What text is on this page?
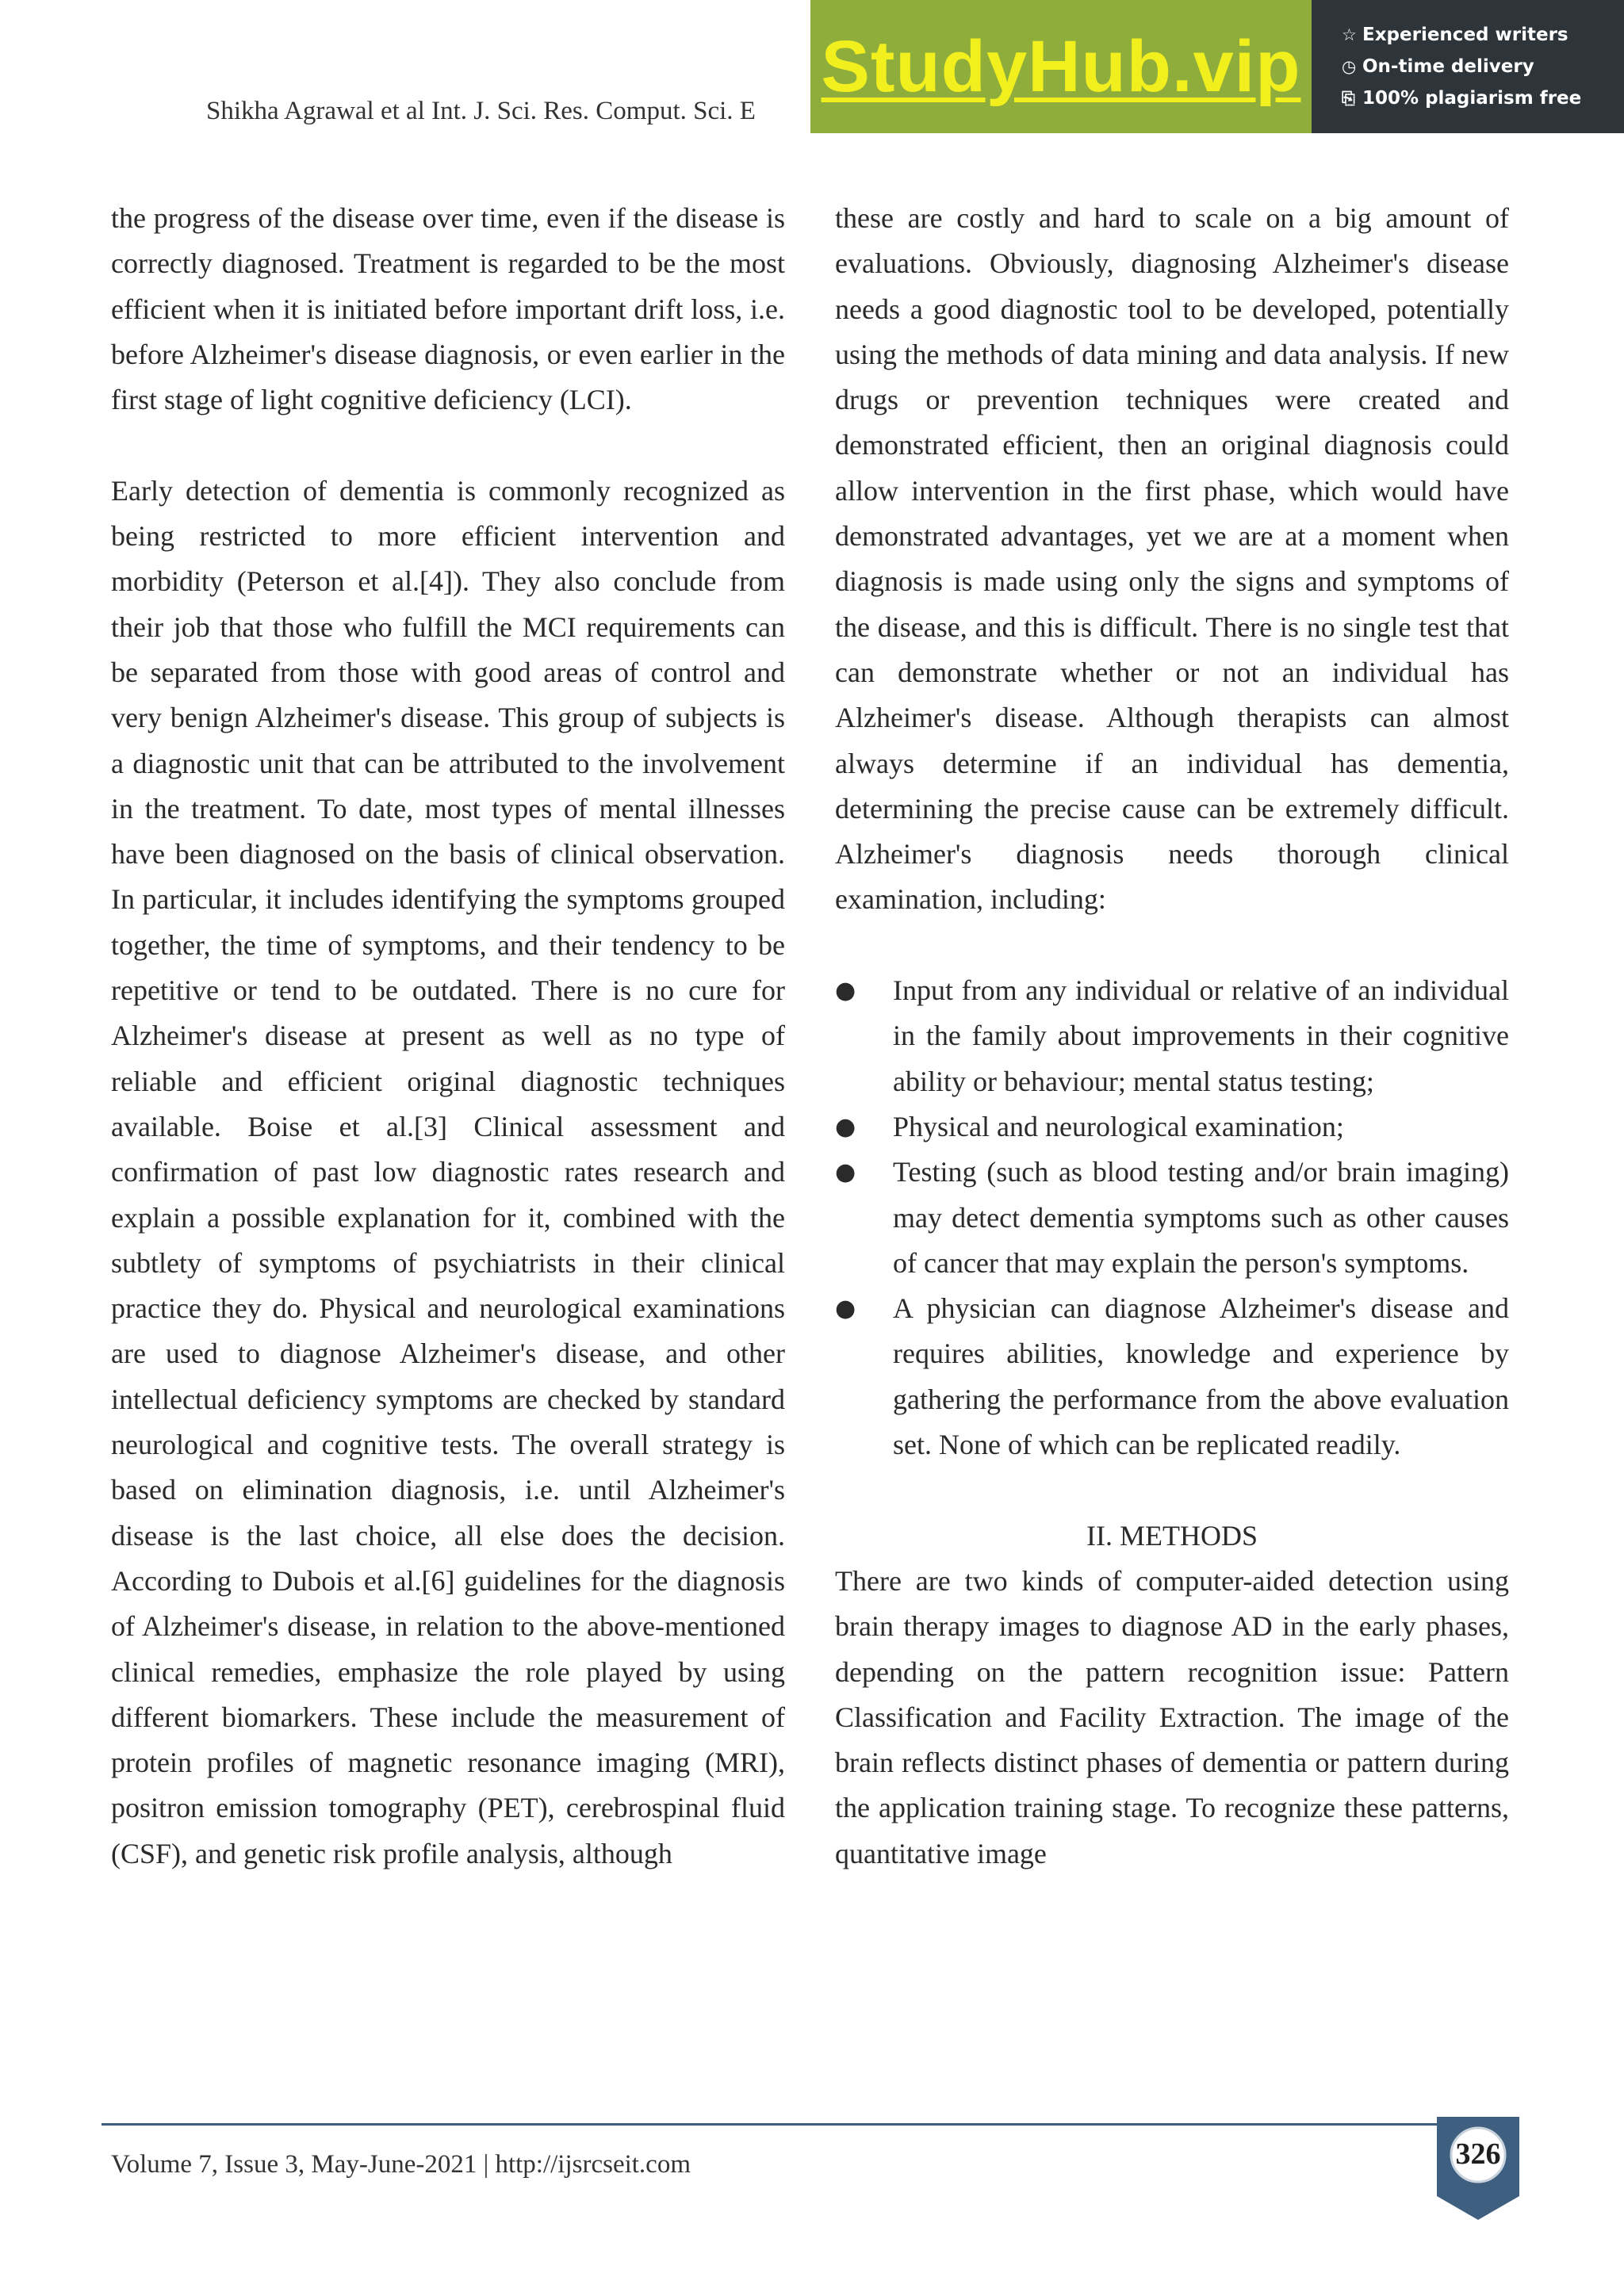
Shikha Agrawal et al Int. J. Sci. Res. Comput. Sci. E
StudyHub.vip ☆ Experienced writers
◷ On-time delivery
⎘ 100% plagiarism free

the progress of the disease over time, even if the disease is correctly diagnosed. Treatment is regarded to be the most efficient when it is initiated before important drift loss, i.e. before Alzheimer's disease diagnosis, or even earlier in the first stage of light cognitive deficiency (LCI).

Early detection of dementia is commonly recognized as being restricted to more efficient intervention and morbidity (Peterson et al.[4]). They also conclude from their job that those who fulfill the MCI requirements can be separated from those with good areas of control and very benign Alzheimer's disease. This group of subjects is a diagnostic unit that can be attributed to the involvement in the treatment. To date, most types of mental illnesses have been diagnosed on the basis of clinical observation. In particular, it includes identifying the symptoms grouped together, the time of symptoms, and their tendency to be repetitive or tend to be outdated. There is no cure for Alzheimer's disease at present as well as no type of reliable and efficient original diagnostic techniques available. Boise et al.[3] Clinical assessment and confirmation of past low diagnostic rates research and explain a possible explanation for it, combined with the subtlety of symptoms of psychiatrists in their clinical practice they do. Physical and neurological examinations are used to diagnose Alzheimer's disease, and other intellectual deficiency symptoms are checked by standard neurological and cognitive tests. The overall strategy is based on elimination diagnosis, i.e. until Alzheimer's disease is the last choice, all else does the decision. According to Dubois et al.[6] guidelines for the diagnosis of Alzheimer's disease, in relation to the above-mentioned clinical remedies, emphasize the role played by using different biomarkers. These include the measurement of protein profiles of magnetic resonance imaging (MRI), positron emission tomography (PET), cerebrospinal fluid (CSF), and genetic risk profile analysis, although

these are costly and hard to scale on a big amount of evaluations. Obviously, diagnosing Alzheimer's disease needs a good diagnostic tool to be developed, potentially using the methods of data mining and data analysis. If new drugs or prevention techniques were created and demonstrated efficient, then an original diagnosis could allow intervention in the first phase, which would have demonstrated advantages, yet we are at a moment when diagnosis is made using only the signs and symptoms of the disease, and this is difficult. There is no single test that can demonstrate whether or not an individual has Alzheimer's disease. Although therapists can almost always determine if an individual has dementia, determining the precise cause can be extremely difficult. Alzheimer's diagnosis needs thorough clinical examination, including:

● Input from any individual or relative of an individual in the family about improvements in their cognitive ability or behaviour; mental status testing;
● Physical and neurological examination;
● Testing (such as blood testing and/or brain imaging) may detect dementia symptoms such as other causes of cancer that may explain the person's symptoms.
● A physician can diagnose Alzheimer's disease and requires abilities, knowledge and experience by gathering the performance from the above evaluation set. None of which can be replicated readily.
II. METHODS

There are two kinds of computer-aided detection using brain therapy images to diagnose AD in the early phases, depending on the pattern recognition issue: Pattern Classification and Facility Extraction. The image of the brain reflects distinct phases of dementia or pattern during the application training stage. To recognize these patterns, quantitative image

Volume 7, Issue 3, May-June-2021 | http://ijsrcseit.com	326
